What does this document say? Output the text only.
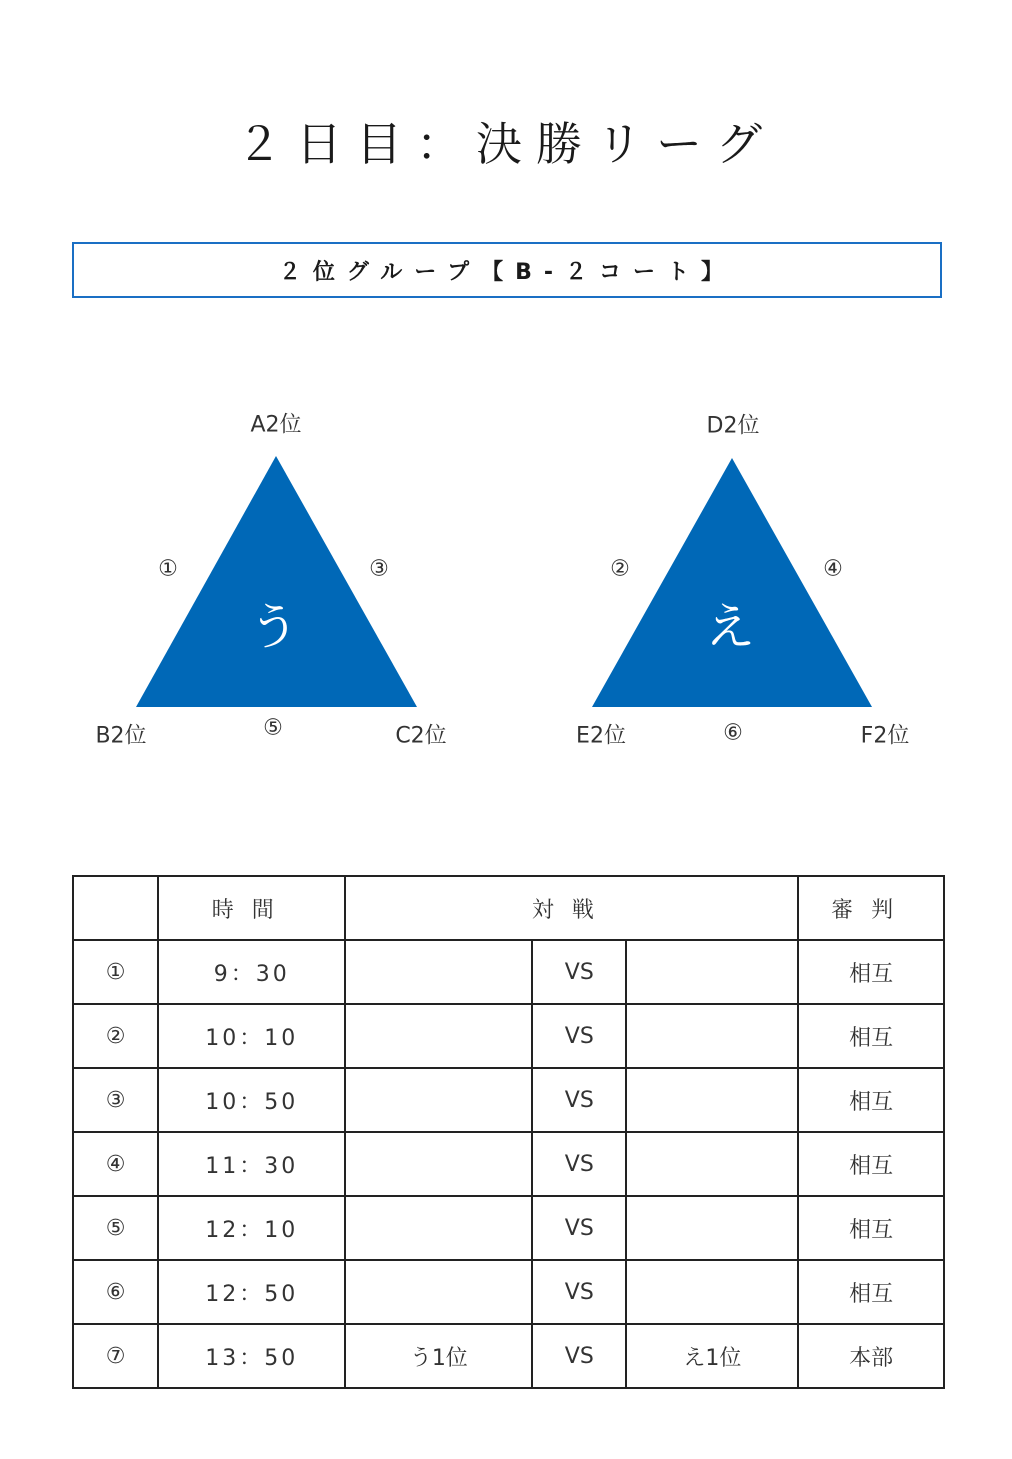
２日目：決勝リーグ
２位グループ【B-２コート】
う
A2位
B2位	C2位
①	③
⑤
え
D2位
E2位	F2位
②	④
⑥
	時間	対戦			審判
①	9：30		VS		相互
②	10：10		VS		相互
③	10：50		VS		相互
④	11：30		VS		相互
⑤	12：10		VS		相互
⑥	12：50		VS		相互
⑦	13：50	う1位	VS	え1位	本部
